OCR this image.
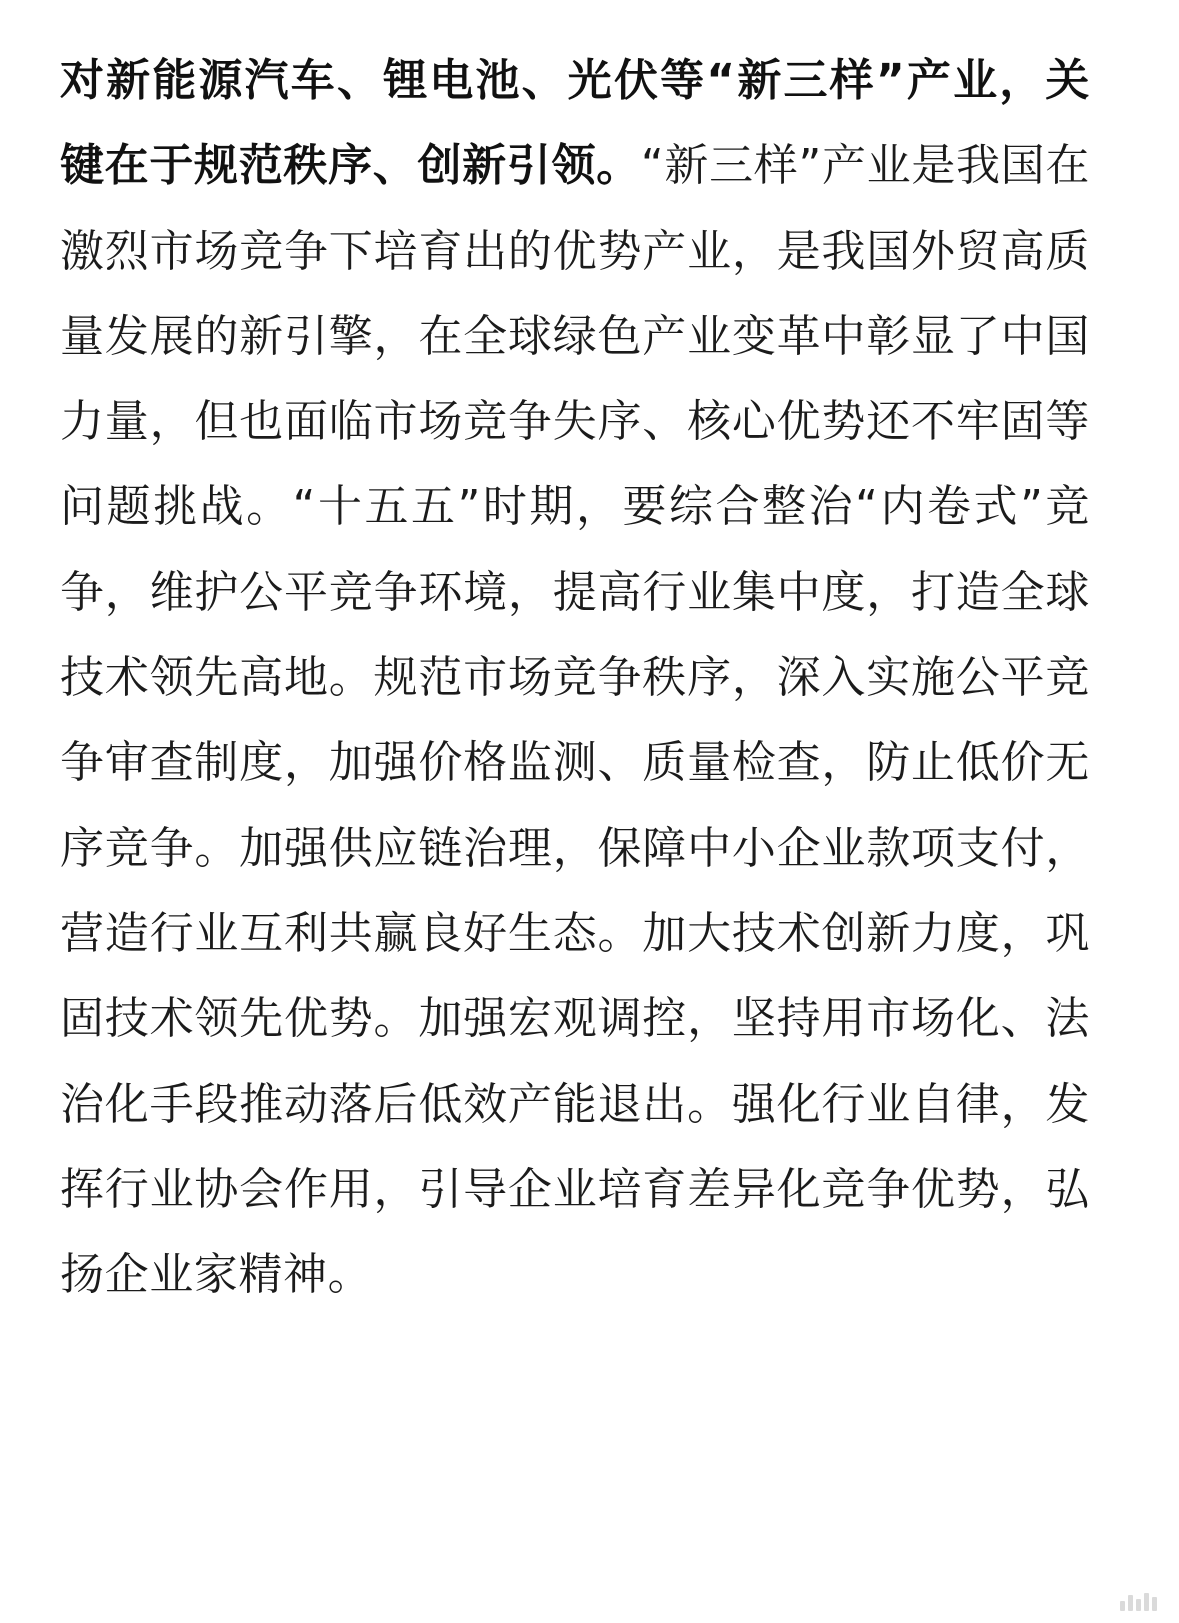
对新能源汽车、锂电池、光伏等“新三样”产业，关键在于规范秩序、创新引领。“新三样”产业是我国在激烈市场竞争下培育出的优势产业，是我国外贸高质量发展的新引擎，在全球绿色产业变革中彰显了中国力量，但也面临市场竞争失序、核心优势还不牢固等问题挑战。“十五五”时期，要综合整治“内卷式”竞争，维护公平竞争环境，提高行业集中度，打造全球技术领先高地。规范市场竞争秩序，深入实施公平竞争审查制度，加强价格监测、质量检查，防止低价无序竞争。加强供应链治理，保障中小企业款项支付，营造行业互利共赢良好生态。加大技术创新力度，巩固技术领先优势。加强宏观调控，坚持用市场化、法治化手段推动落后低效产能退出。强化行业自律，发挥行业协会作用，引导企业培育差异化竞争优势，弘扬企业家精神。
